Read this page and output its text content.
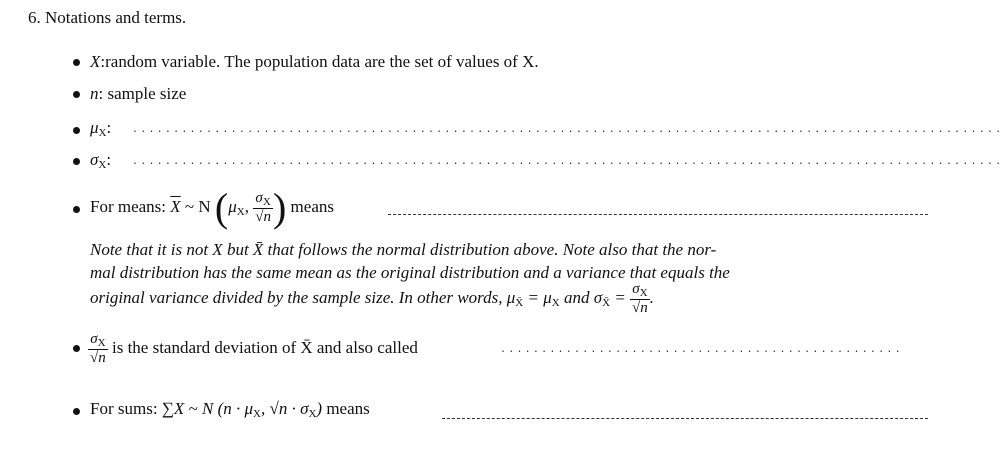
6. Notations and terms.
X:random variable. The population data are the set of values of X.
n: sample size
$\mu_X$: ..........................................................................................................
$\sigma_X$: ..........................................................................................................
For means: $\overline{X}$ ~ N ($\mu_X$, $\frac{\sigma_X}{√n}$ ) means
Note that it is not X but X̄ that follows the normal distribution above. Note also that the nor-
mal distribution has the same mean as the original distribution and a variance that equals the
original variance divided by the sample size. In other words, $\mu_{X̄} = \mu_X$ and $\sigma_{X̄} = \frac{\sigma_X}{√n}$ .
$\frac{\sigma_X}{√n}$ is the standard deviation of X̄ and also called	.................................................
For sums: ∑X ~ N ($n \cdot \mu_X$, $√n \cdot \sigma_X$) means
